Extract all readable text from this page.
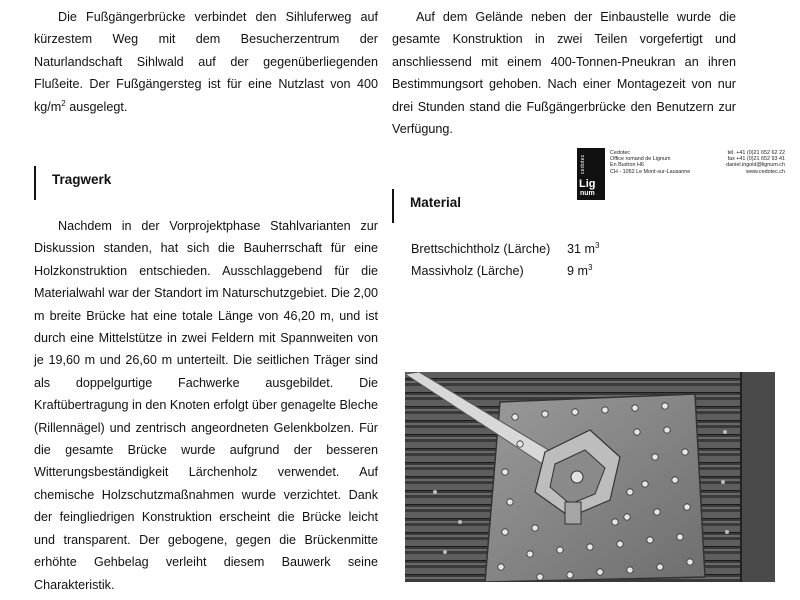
Die Fußgängerbrücke verbindet den Sihluferweg auf kürzestem Weg mit dem Besucherzentrum der Naturlandschaft Sihlwald auf der gegenüberliegenden Flußeite. Der Fußgängersteg ist für eine Nutzlast von 400 $kg/m^2$ ausgelegt.

Auf dem Gelände neben der Einbaustelle wurde die gesamte Konstruktion in zwei Teilen vorgefertigt und anschliessend mit einem 400-Tonnen-Pneukran an ihren Bestimmungsort gehoben. Nach einer Montagezeit von nur drei Stunden stand die Fußgängerbrücke den Benutzern zur Verfügung.

Tragwerk

Nachdem in der Vorprojektphase Stahlvarianten zur Diskussion standen, hat sich die Bauherrschaft für eine Holzkonstruktion entschieden. Ausschlaggebend für die Materialwahl war der Standort im Naturschutzgebiet. Die 2,00 m breite Brücke hat eine totale Länge von 46,20 m, und ist durch eine Mittelstütze in zwei Feldern mit Spannweiten von je 19,60 m und 26,60 m unterteilt. Die seitlichen Träger sind als doppelgurtige Fachwerke ausgebildet. Die Kraftübertragung in den Knoten erfolgt über genagelte Bleche (Rillennägel) und zentrisch angeordneten Gelenkbolzen. Für die gesamte Brücke wurde aufgrund der besseren Witterungsbeständigkeit Lärchenholz verwendet. Auf chemische Holzschutzmaßnahmen wurde verzichtet. Dank der feingliedrigen Konstruktion erscheint die Brücke leicht und transparent. Der gebogene, gegen die Brückenmitte erhöhte Gehbelag verleiht diesem Bauwerk seine Charakteristik.

cedotec
Lig
num
Cedotec
Office romand de Lignum
En Budron H6
CH - 1052 Le Mont-sur-Lausanne
tél. +41 (0)21 652 62 22
fax +41 (0)21 652 93 41
daniel.ingold@lignum.ch
www.cedotec.ch
Material
Brettschichtholz (Lärche) 31 $m^3$
Massivholz (Lärche)	9 $m^3$
